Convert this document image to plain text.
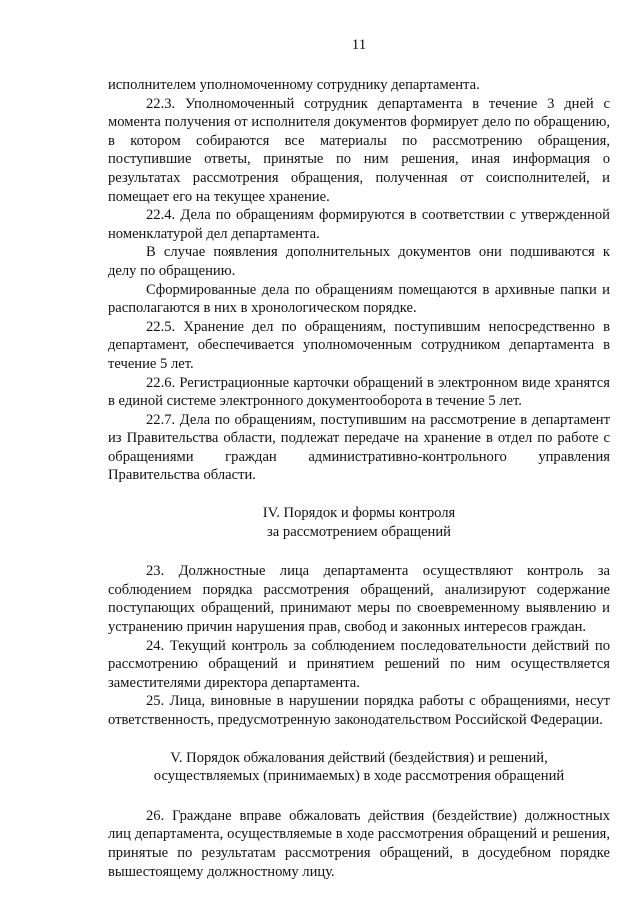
11

исполнителем уполномоченному сотруднику департамента.

22.3. Уполномоченный сотрудник департамента в течение 3 дней с момента получения от исполнителя документов формирует дело по обращению, в котором собираются все материалы по рассмотрению обращения, поступившие ответы, принятые по ним решения, иная информация о результатах рассмотрения обращения, полученная от соисполнителей, и помещает его на текущее хранение.

22.4. Дела по обращениям формируются в соответствии с утвержденной номенклатурой дел департамента.

В случае появления дополнительных документов они подшиваются к делу по обращению.

Сформированные дела по обращениям помещаются в архивные папки и располагаются в них в хронологическом порядке.

22.5. Хранение дел по обращениям, поступившим непосредственно в департамент, обеспечивается уполномоченным сотрудником департамента в течение 5 лет.

22.6. Регистрационные карточки обращений в электронном виде хранятся в единой системе электронного документооборота в течение 5 лет.

22.7. Дела по обращениям, поступившим на рассмотрение в департамент из Правительства области, подлежат передаче на хранение в отдел по работе с обращениями граждан административно-контрольного управления Правительства области.

IV. Порядок и формы контроля
за рассмотрением обращений

23. Должностные лица департамента осуществляют контроль за соблюдением порядка рассмотрения обращений, анализируют содержание поступающих обращений, принимают меры по своевременному выявлению и устранению причин нарушения прав, свобод и законных интересов граждан.

24. Текущий контроль за соблюдением последовательности действий по рассмотрению обращений и принятием решений по ним осуществляется заместителями директора департамента.

25. Лица, виновные в нарушении порядка работы с обращениями, несут ответственность, предусмотренную законодательством Российской Федерации.

V. Порядок обжалования действий (бездействия) и решений,
осуществляемых (принимаемых) в ходе рассмотрения обращений

26. Граждане вправе обжаловать действия (бездействие) должностных лиц департамента, осуществляемые в ходе рассмотрения обращений и решения, принятые по результатам рассмотрения обращений, в досудебном порядке вышестоящему должностному лицу.
